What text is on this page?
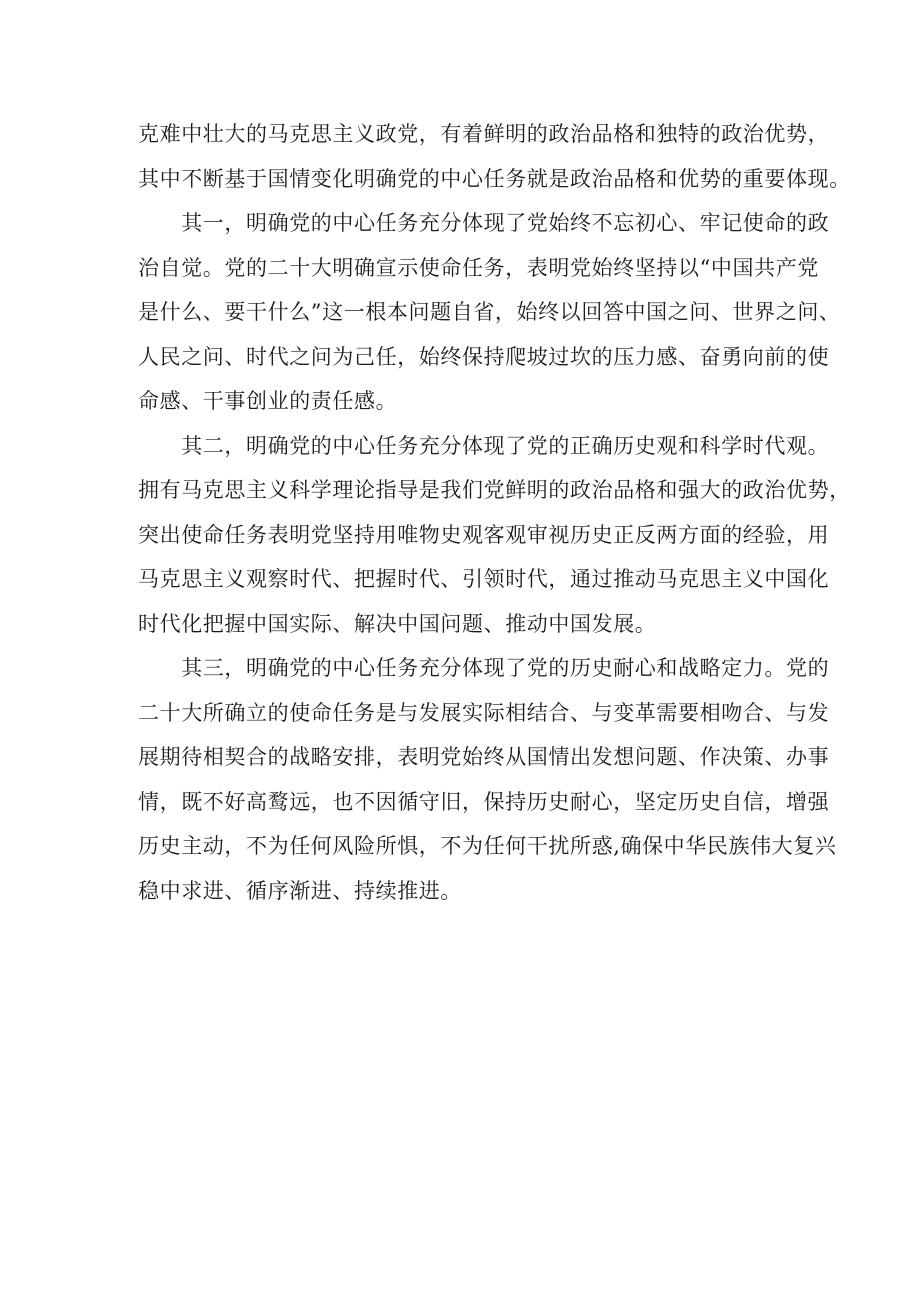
克难中壮大的马克思主义政党，有着鲜明的政治品格和独特的政治优势，
其中不断基于国情变化明确党的中心任务就是政治品格和优势的重要体现。
　　其一，明确党的中心任务充分体现了党始终不忘初心、牢记使命的政
治自觉。党的二十大明确宣示使命任务，表明党始终坚持以“中国共产党
是什么、要干什么”这一根本问题自省，始终以回答中国之问、世界之问、
人民之问、时代之问为己任，始终保持爬坡过坎的压力感、奋勇向前的使
命感、干事创业的责任感。
　　其二，明确党的中心任务充分体现了党的正确历史观和科学时代观。
拥有马克思主义科学理论指导是我们党鲜明的政治品格和强大的政治优势，
突出使命任务表明党坚持用唯物史观客观审视历史正反两方面的经验，用
马克思主义观察时代、把握时代、引领时代，通过推动马克思主义中国化
时代化把握中国实际、解决中国问题、推动中国发展。
　　其三，明确党的中心任务充分体现了党的历史耐心和战略定力。党的
二十大所确立的使命任务是与发展实际相结合、与变革需要相吻合、与发
展期待相契合的战略安排，表明党始终从国情出发想问题、作决策、办事
情，既不好高鹜远，也不因循守旧，保持历史耐心，坚定历史自信，增强
历史主动，不为任何风险所惧，不为任何干扰所惑,确保中华民族伟大复兴
稳中求进、循序渐进、持续推进。
